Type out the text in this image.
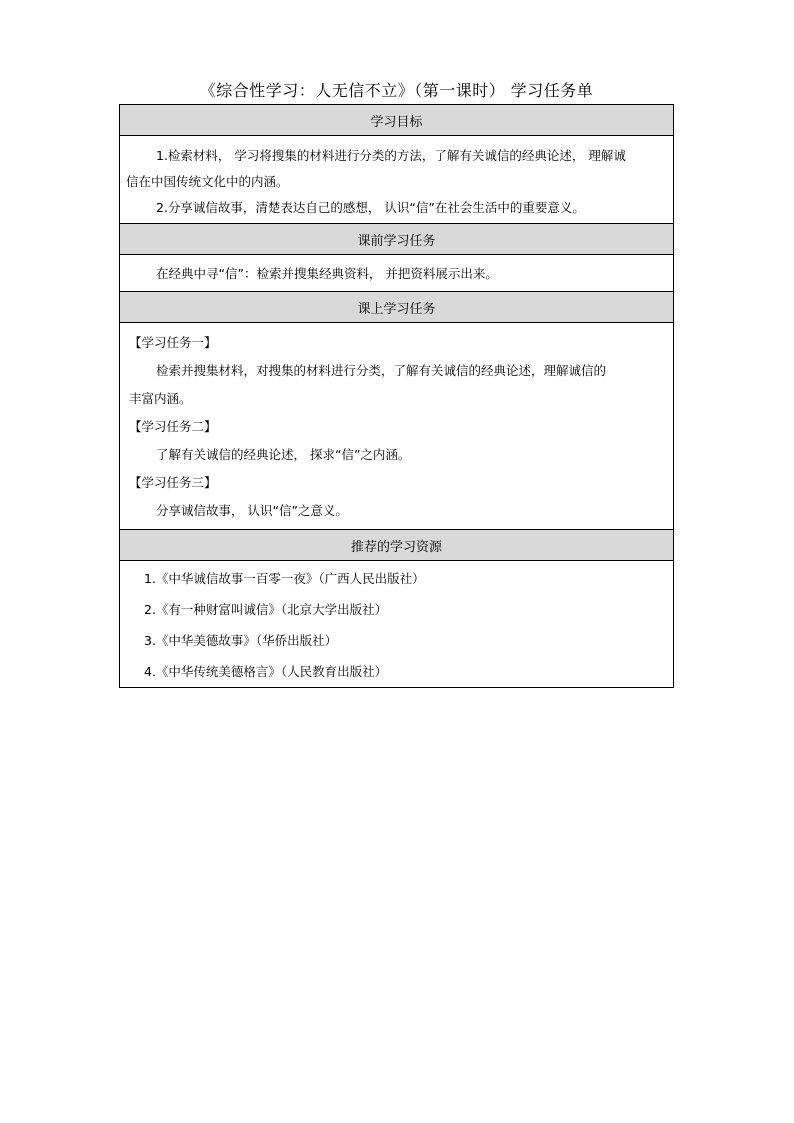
《综合性学习：人无信不立》（第一课时） 学习任务单
学习目标

1.检索材料， 学习将搜集的材料进行分类的方法，了解有关诚信的经典论述， 理解诚
信在中国传统文化中的内涵。
2.分享诚信故事，清楚表达自己的感想， 认识“信”在社会生活中的重要意义。

课前学习任务
在经典中寻“信”：检索并搜集经典资料， 并把资料展示出来。
课上学习任务

【学习任务一】
检索并搜集材料，对搜集的材料进行分类，了解有关诚信的经典论述，理解诚信的
丰富内涵。
【学习任务二】
了解有关诚信的经典论述， 探求“信”之内涵。
【学习任务三】
分享诚信故事， 认识“信”之意义。

推荐的学习资源

1.《中华诚信故事一百零一夜》（广西人民出版社）
2.《有一种财富叫诚信》（北京大学出版社）
3.《中华美德故事》（华侨出版社）
4.《中华传统美德格言》（人民教育出版社）
